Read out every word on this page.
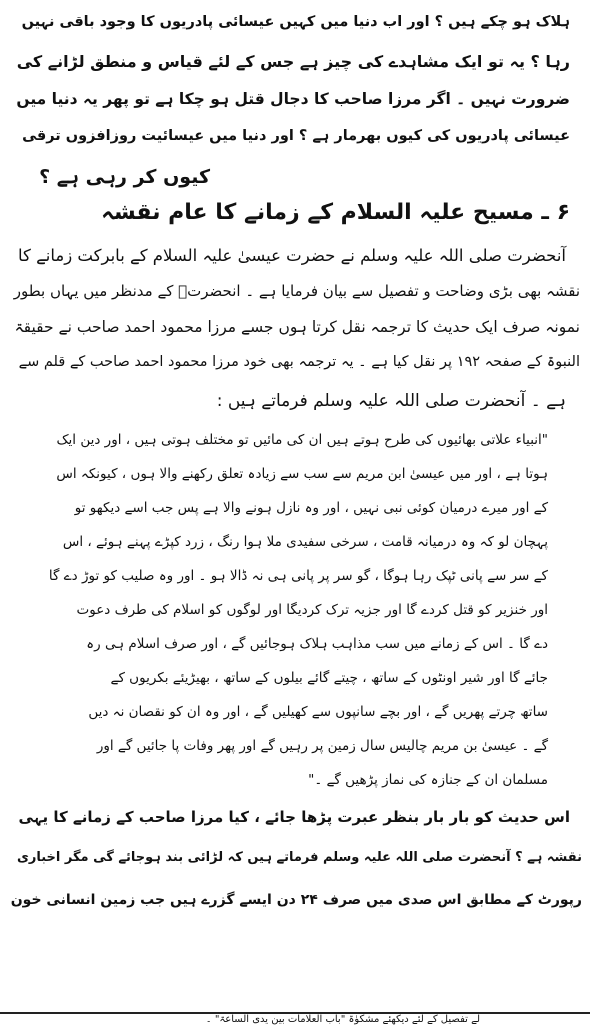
ہلاک ہو چکے ہیں ؟ اور اب دنیا میں کہیں عیسائی پادریوں کا وجود باقی نہیں
رہا ؟ یہ تو ایک مشاہدے کی چیز ہے جس کے لئے قیاس و منطق لڑانے کی
ضرورت نہیں ۔ اگر مرزا صاحب کا دجال قتل ہو چکا ہے تو پھر یہ دنیا میں
عیسائی پادریوں کی کیوں بھرمار ہے ؟ اور دنیا میں عیسائیت روزافزوں ترقی
کیوں کر رہی ہے ؟
۶ ـ مسیح علیہ السلام کے زمانے کا عام نقشہ
آنحضرت صلی اللہ علیہ وسلم نے حضرت عیسیٰ علیہ السلام کے بابرکت زمانے کا
نقشہ بھی بڑی وضاحت و تفصیل سے بیان فرمایا ہے ۔ انحضرتؐ کے مدنظر میں یہاں بطور
نمونہ صرف ایک حدیث کا ترجمہ نقل کرتا ہوں جسے مرزا محمود احمد صاحب نے حقیقۃ
النبوۃ کے صفحہ ۱۹۲ پر نقل کیا ہے ۔ یہ ترجمہ بھی خود مرزا محمود احمد صاحب کے قلم سے
ہے ۔ آنحضرت صلی اللہ علیہ وسلم فرماتے ہیں :
"انبیاء علاتی بھائیوں کی طرح ہوتے ہیں ان کی مائیں تو مختلف ہوتی ہیں ، اور دین ایک
ہوتا ہے ، اور میں عیسیٰ ابن مریم سے سب سے زیادہ تعلق رکھنے والا ہوں ، کیونکہ اس
کے اور میرے درمیان کوئی نبی نہیں ، اور وہ نازل ہونے والا ہے پس جب اسے دیکھو تو
پہچان لو کہ وہ درمیانہ قامت ، سرخی سفیدی ملا ہوا رنگ ، زرد کپڑے پہنے ہوئے ، اس
کے سر سے پانی ٹپک رہا ہوگا ، گو سر پر پانی ہی نہ ڈالا ہو ۔ اور وہ صلیب کو توڑ دے گا
اور خنزیر کو قتل کردے گا اور جزیہ ترک کردیگا اور لوگوں کو اسلام کی طرف دعوت
دے گا ۔ اس کے زمانے میں سب مذاہب ہلاک ہوجائیں گے ، اور صرف اسلام ہی رہ
جائے گا اور شیر اونٹوں کے ساتھ ، چیتے گائے بیلوں کے ساتھ ، بھیڑیئے بکریوں کے
ساتھ چرتے پھریں گے ، اور بچے سانپوں سے کھیلیں گے ، اور وہ ان کو نقصان نہ دیں
گے ۔ عیسیٰ بن مریم چالیس سال زمین پر رہیں گے اور پھر وفات پا جائیں گے اور
مسلمان ان کے جنازہ کی نماز پڑھیں گے ۔"
اس حدیث کو بار بار بنظر عبرت پڑھا جائے ، کیا مرزا صاحب کے زمانے کا یہی
نقشہ ہے ؟ آنحضرت صلی اللہ علیہ وسلم فرماتے ہیں کہ لڑائی بند ہوجائے گی مگر اخباری
رپورٹ کے مطابق اس صدی میں صرف ۲۴ دن ایسے گزرے ہیں جب زمین انسانی خون
لے تفصیل کے لئے دیکھئے مشکوٰۃ "باب العلامات بین یدی الساعۃ" ۔
